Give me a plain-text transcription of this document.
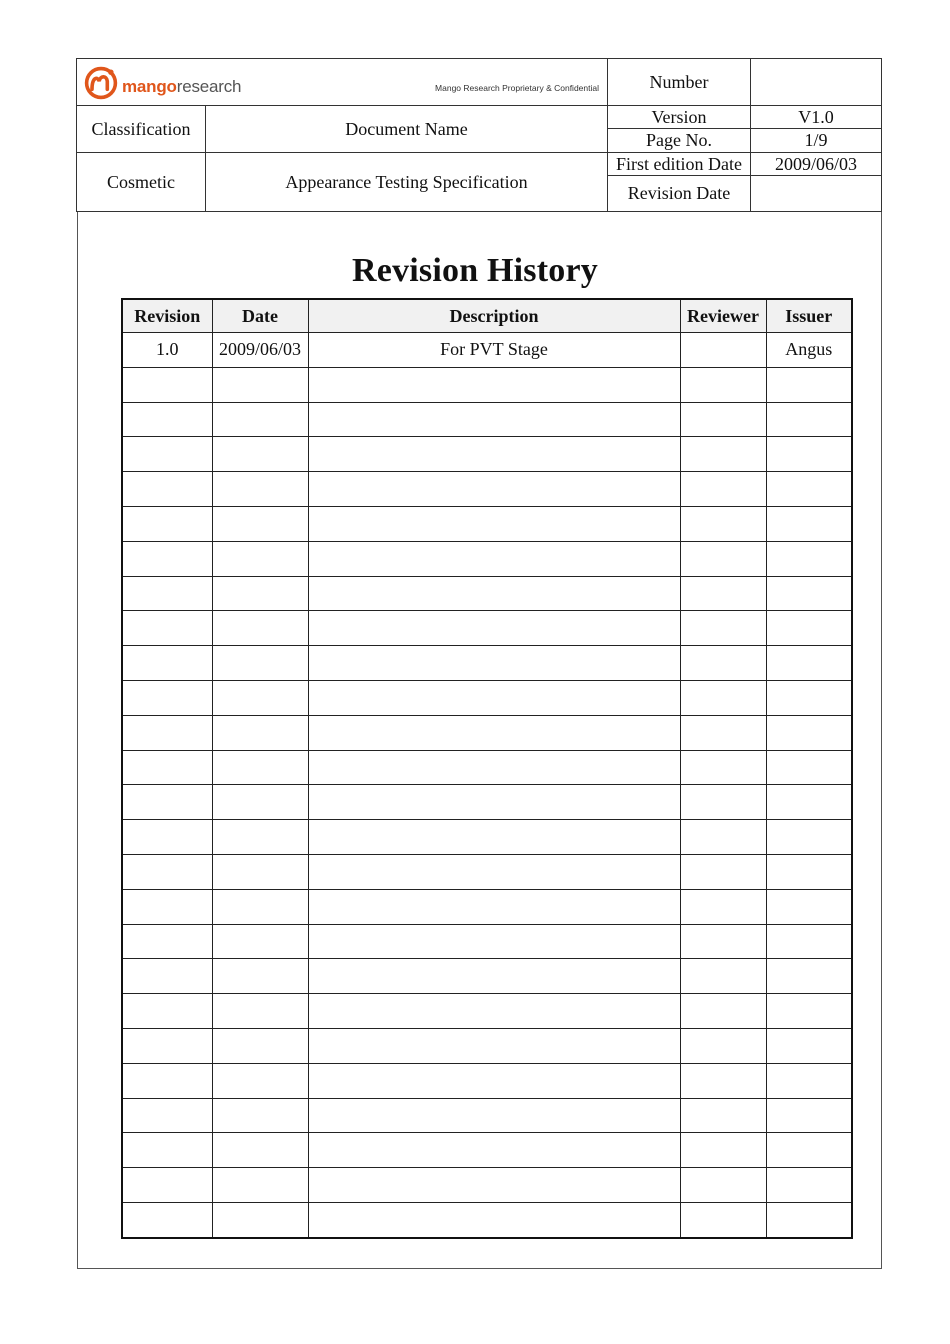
mangoresearch Mango Research Proprietary & Confidential		Number	
Classification	Document Name	Version	V1.0
		Page No.	1/9
Cosmetic	Appearance Testing Specification	First edition Date	2009/06/03
		Revision Date	
Revision History
Revision	Date	Description	Reviewer	Issuer
1.0	2009/06/03	For PVT Stage		Angus
